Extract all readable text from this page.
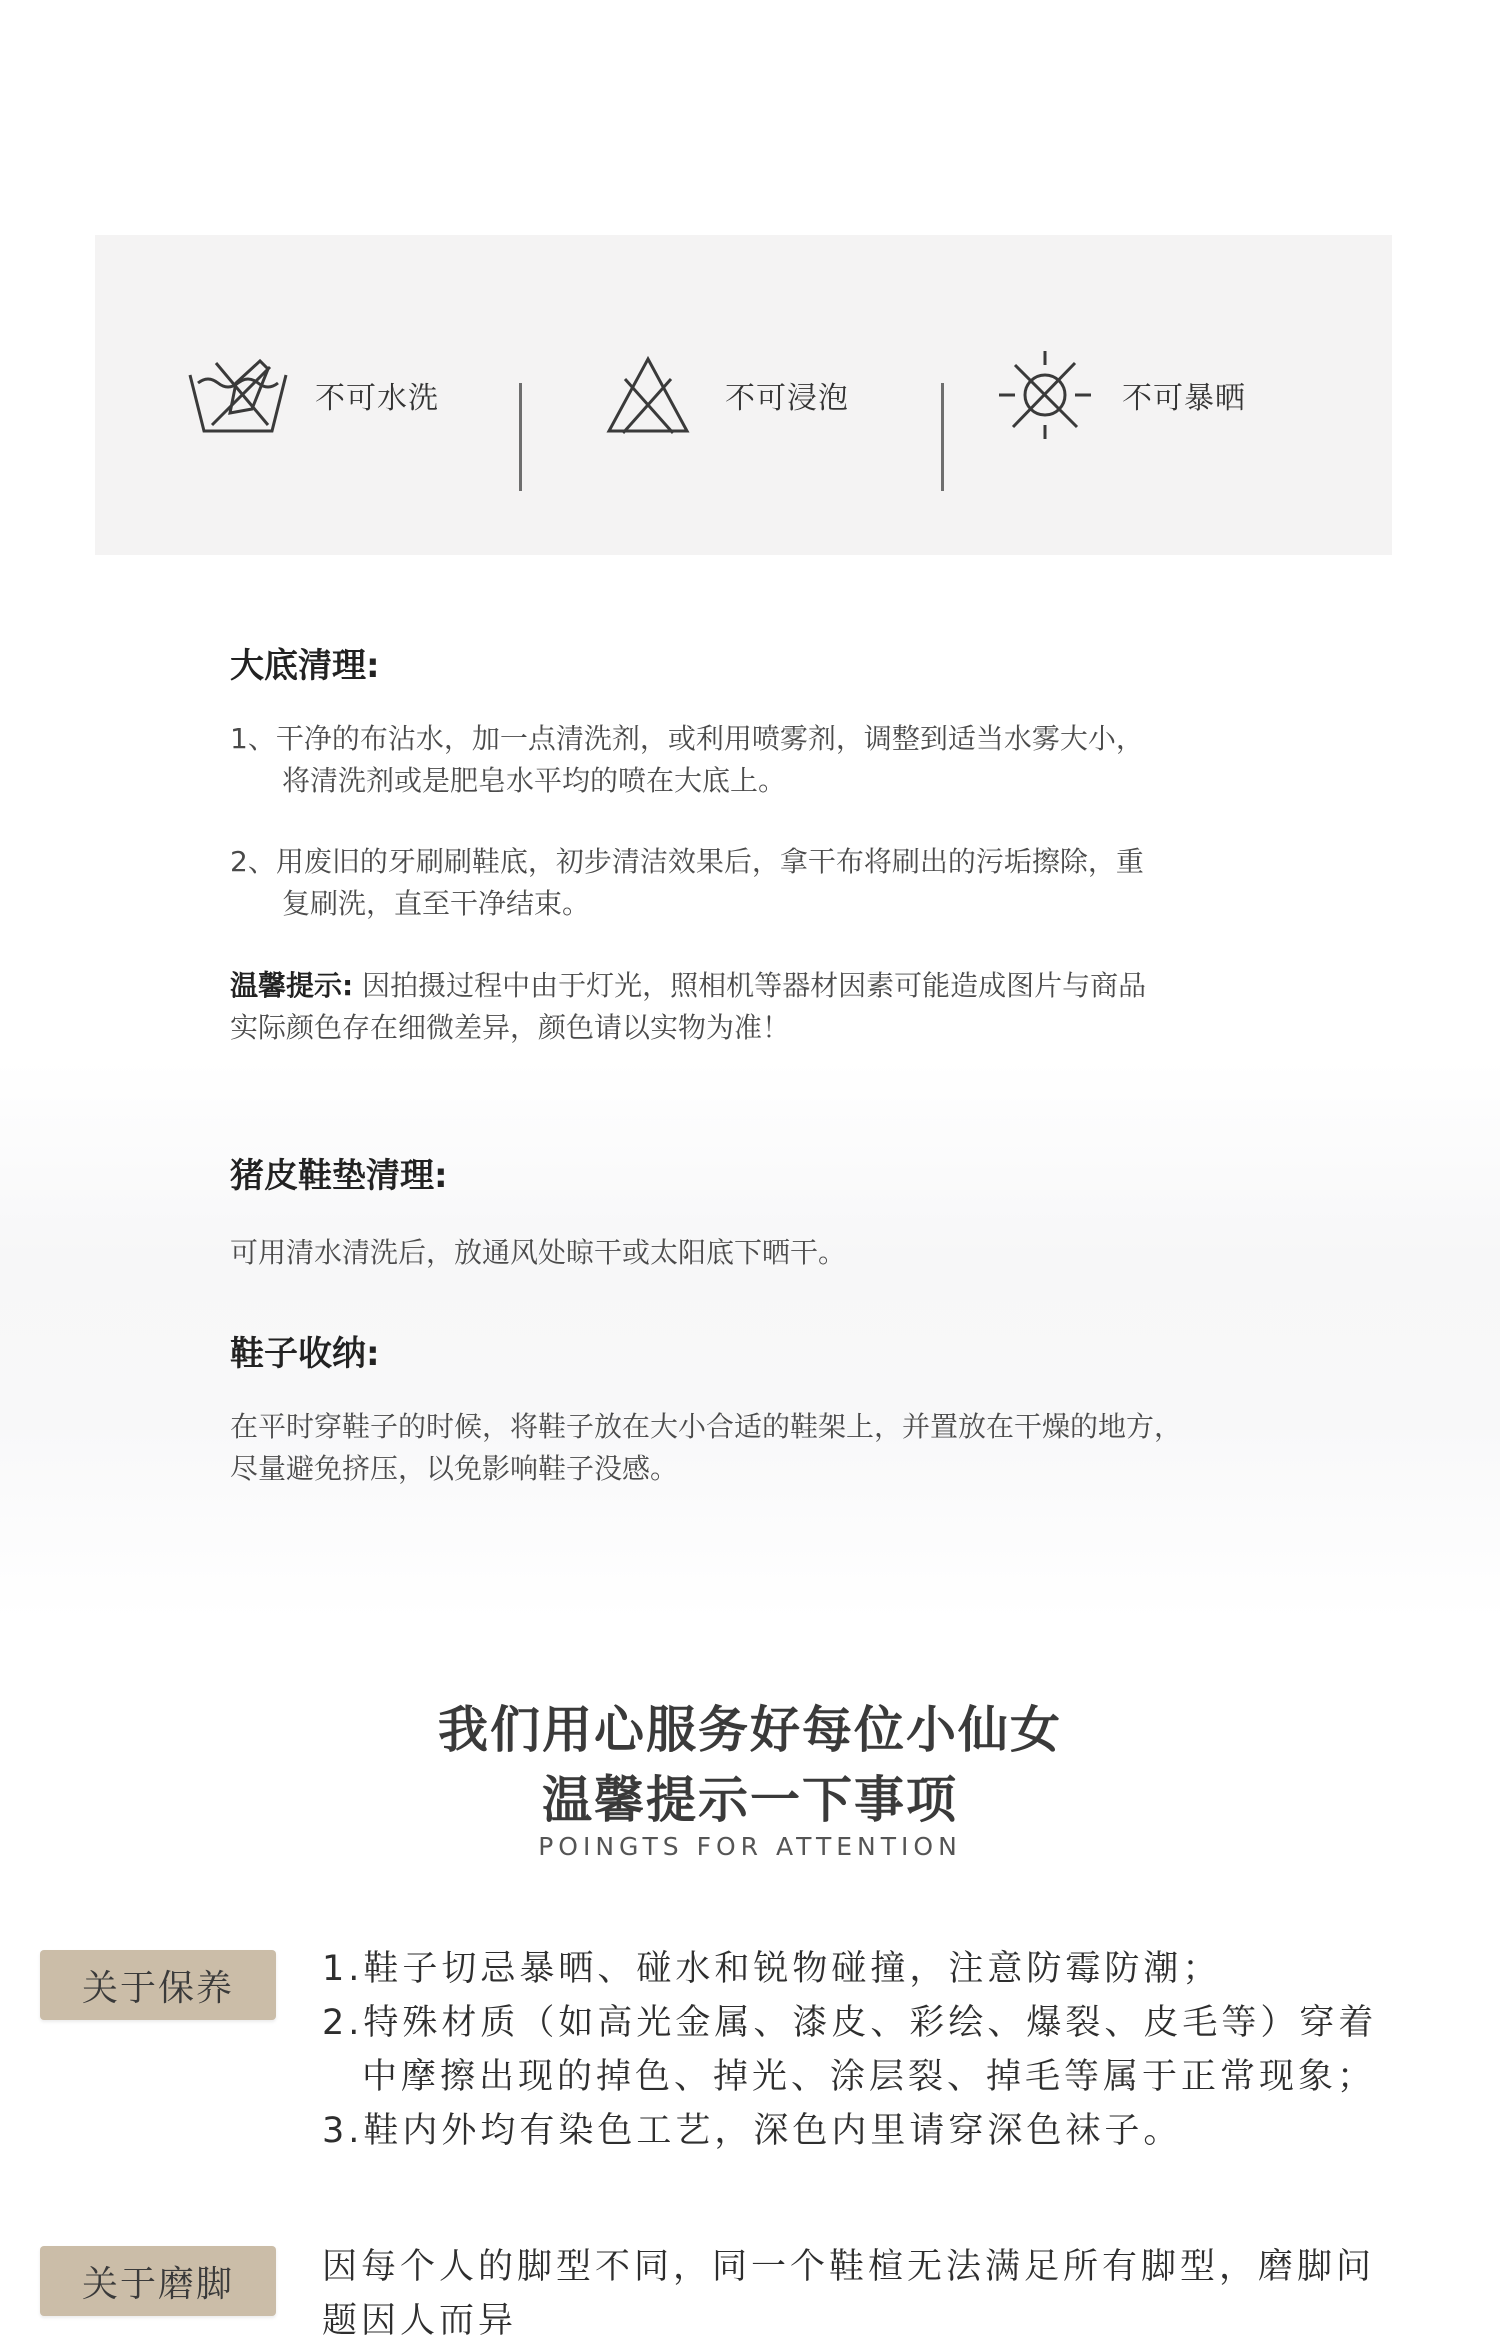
不可水洗	不可浸泡	不可暴晒
大底清理:
1、干净的布沾水，加一点清洗剂，或利用喷雾剂，调整到适当水雾大小，
将清洗剂或是肥皂水平均的喷在大底上。
2、用废旧的牙刷刷鞋底，初步清洁效果后，拿干布将刷出的污垢擦除，重
复刷洗，直至干净结束。
温馨提示: 因拍摄过程中由于灯光，照相机等器材因素可能造成图片与商品
实际颜色存在细微差异，颜色请以实物为准！
猪皮鞋垫清理:
可用清水清洗后，放通风处晾干或太阳底下晒干。
鞋子收纳:
在平时穿鞋子的时候，将鞋子放在大小合适的鞋架上，并置放在干燥的地方，
尽量避免挤压，以免影响鞋子没感。
我们用心服务好每位小仙女
温馨提示一下事项
POINGTS FOR ATTENTION
关于保养	1.鞋子切忌暴晒、碰水和锐物碰撞，注意防霉防潮；
2.特殊材质（如高光金属、漆皮、彩绘、爆裂、皮毛等）穿着
中摩擦出现的掉色、掉光、涂层裂、掉毛等属于正常现象；
3.鞋内外均有染色工艺，深色内里请穿深色袜子。
关于磨脚	因每个人的脚型不同，同一个鞋楦无法满足所有脚型，磨脚问
题因人而异
